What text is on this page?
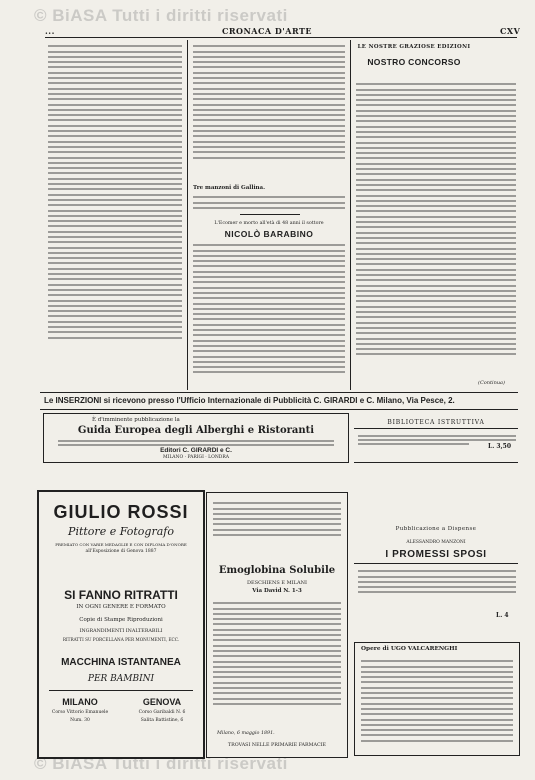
© BiASA Tutti i diritti riservati
© BiASA Tutti i diritti riservati
...	CRONACA D'ARTE	CXV
Tre manzoni di Gallina.
L'Ecomer e morto all'età di 48 anni il sottore
NICOLÒ BARABINO
LE NOSTRE GRAZIOSE EDIZIONI
NOSTRO CONCORSO
(Continua)
Le INSERZIONI si ricevono presso l'Ufficio Internazionale di Pubblicità C. GIRARDI e C. Milano, Via Pesce, 2.
È d'imminente pubblicazione la
Guida Europea degli Alberghi e Ristoranti
Editori C. GIRARDI e C.
MILANO · PARIGI · LONDRA
BIBLIOTECA ISTRUTTIVA
L. 3,50
GIULIO ROSSI
Pittore e Fotografo
PREMIATO CON VARIE MEDAGLIE E CON DIPLOMA D'ONORE
all'Esposizione di Genova 1887
SI FANNO RITRATTI
IN OGNI GENERE E FORMATO
Copie di Stampe Riproduzioni
INGRANDIMENTI INALTERABILI
RITRATTI SU PORCELLANA PER MONUMENTI, ECC.
MACCHINA ISTANTANEA
PER BAMBINI
MILANO	GENOVA
Corso Vittorio Emanuele	Corso Garibaldi N. 6
Num. 30	Salita Battistine, 6
Emoglobina Solubile
DESCHIENS E MILANI
Via David N. 1-3
Milano, 6 maggio 1891.
TROVASI NELLE PRIMARIE FARMACIE
Pubblicazione a Dispense
ALESSANDRO MANZONI
I PROMESSI SPOSI
L. 4
Opere di UGO VALCARENGHI
